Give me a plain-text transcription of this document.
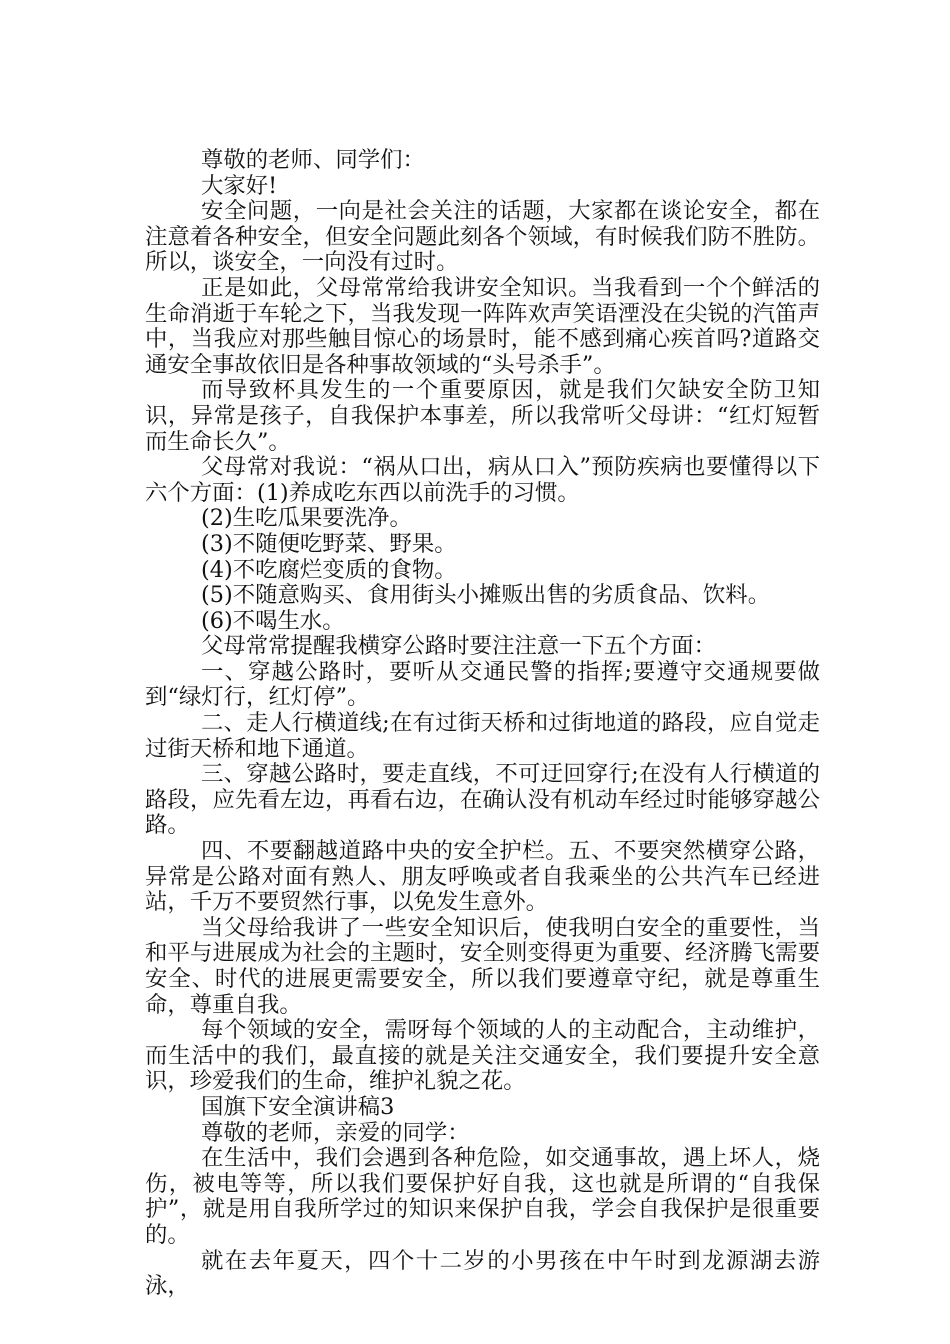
尊敬的老师、同学们：

大家好!

安全问题，一向是社会关注的话题，大家都在谈论安全，都在注意着各种安全，但安全问题此刻各个领域，有时候我们防不胜防。所以，谈安全，一向没有过时。

正是如此，父母常常给我讲安全知识。当我看到一个个鲜活的生命消逝于车轮之下，当我发现一阵阵欢声笑语湮没在尖锐的汽笛声中，当我应对那些触目惊心的场景时，能不感到痛心疾首吗?道路交通安全事故依旧是各种事故领域的“头号杀手”。

而导致杯具发生的一个重要原因，就是我们欠缺安全防卫知识，异常是孩子，自我保护本事差，所以我常听父母讲：“红灯短暂而生命长久”。

父母常对我说：“祸从口出，病从口入”预防疾病也要懂得以下六个方面：(1)养成吃东西以前洗手的习惯。

(2)生吃瓜果要洗净。

(3)不随便吃野菜、野果。

(4)不吃腐烂变质的食物。

(5)不随意购买、食用街头小摊贩出售的劣质食品、饮料。

(6)不喝生水。

父母常常提醒我横穿公路时要注注意一下五个方面：

一、穿越公路时，要听从交通民警的指挥;要遵守交通规要做到“绿灯行，红灯停”。

二、走人行横道线;在有过街天桥和过街地道的路段，应自觉走过街天桥和地下通道。

三、穿越公路时，要走直线，不可迂回穿行;在没有人行横道的路段，应先看左边，再看右边，在确认没有机动车经过时能够穿越公路。

四、不要翻越道路中央的安全护栏。五、不要突然横穿公路，异常是公路对面有熟人、朋友呼唤或者自我乘坐的公共汽车已经进站，千万不要贸然行事，以免发生意外。

当父母给我讲了一些安全知识后，使我明白安全的重要性，当和平与进展成为社会的主题时，安全则变得更为重要、经济腾飞需要安全、时代的进展更需要安全，所以我们要遵章守纪，就是尊重生命，尊重自我。

每个领域的安全，需呀每个领域的人的主动配合，主动维护，而生活中的我们，最直接的就是关注交通安全，我们要提升安全意识，珍爱我们的生命，维护礼貌之花。

国旗下安全演讲稿3

尊敬的老师，亲爱的同学：

在生活中，我们会遇到各种危险，如交通事故，遇上坏人，烧伤，被电等等，所以我们要保护好自我，这也就是所谓的“自我保护”，就是用自我所学过的知识来保护自我，学会自我保护是很重要的。

就在去年夏天，四个十二岁的小男孩在中午时到龙源湖去游泳，
